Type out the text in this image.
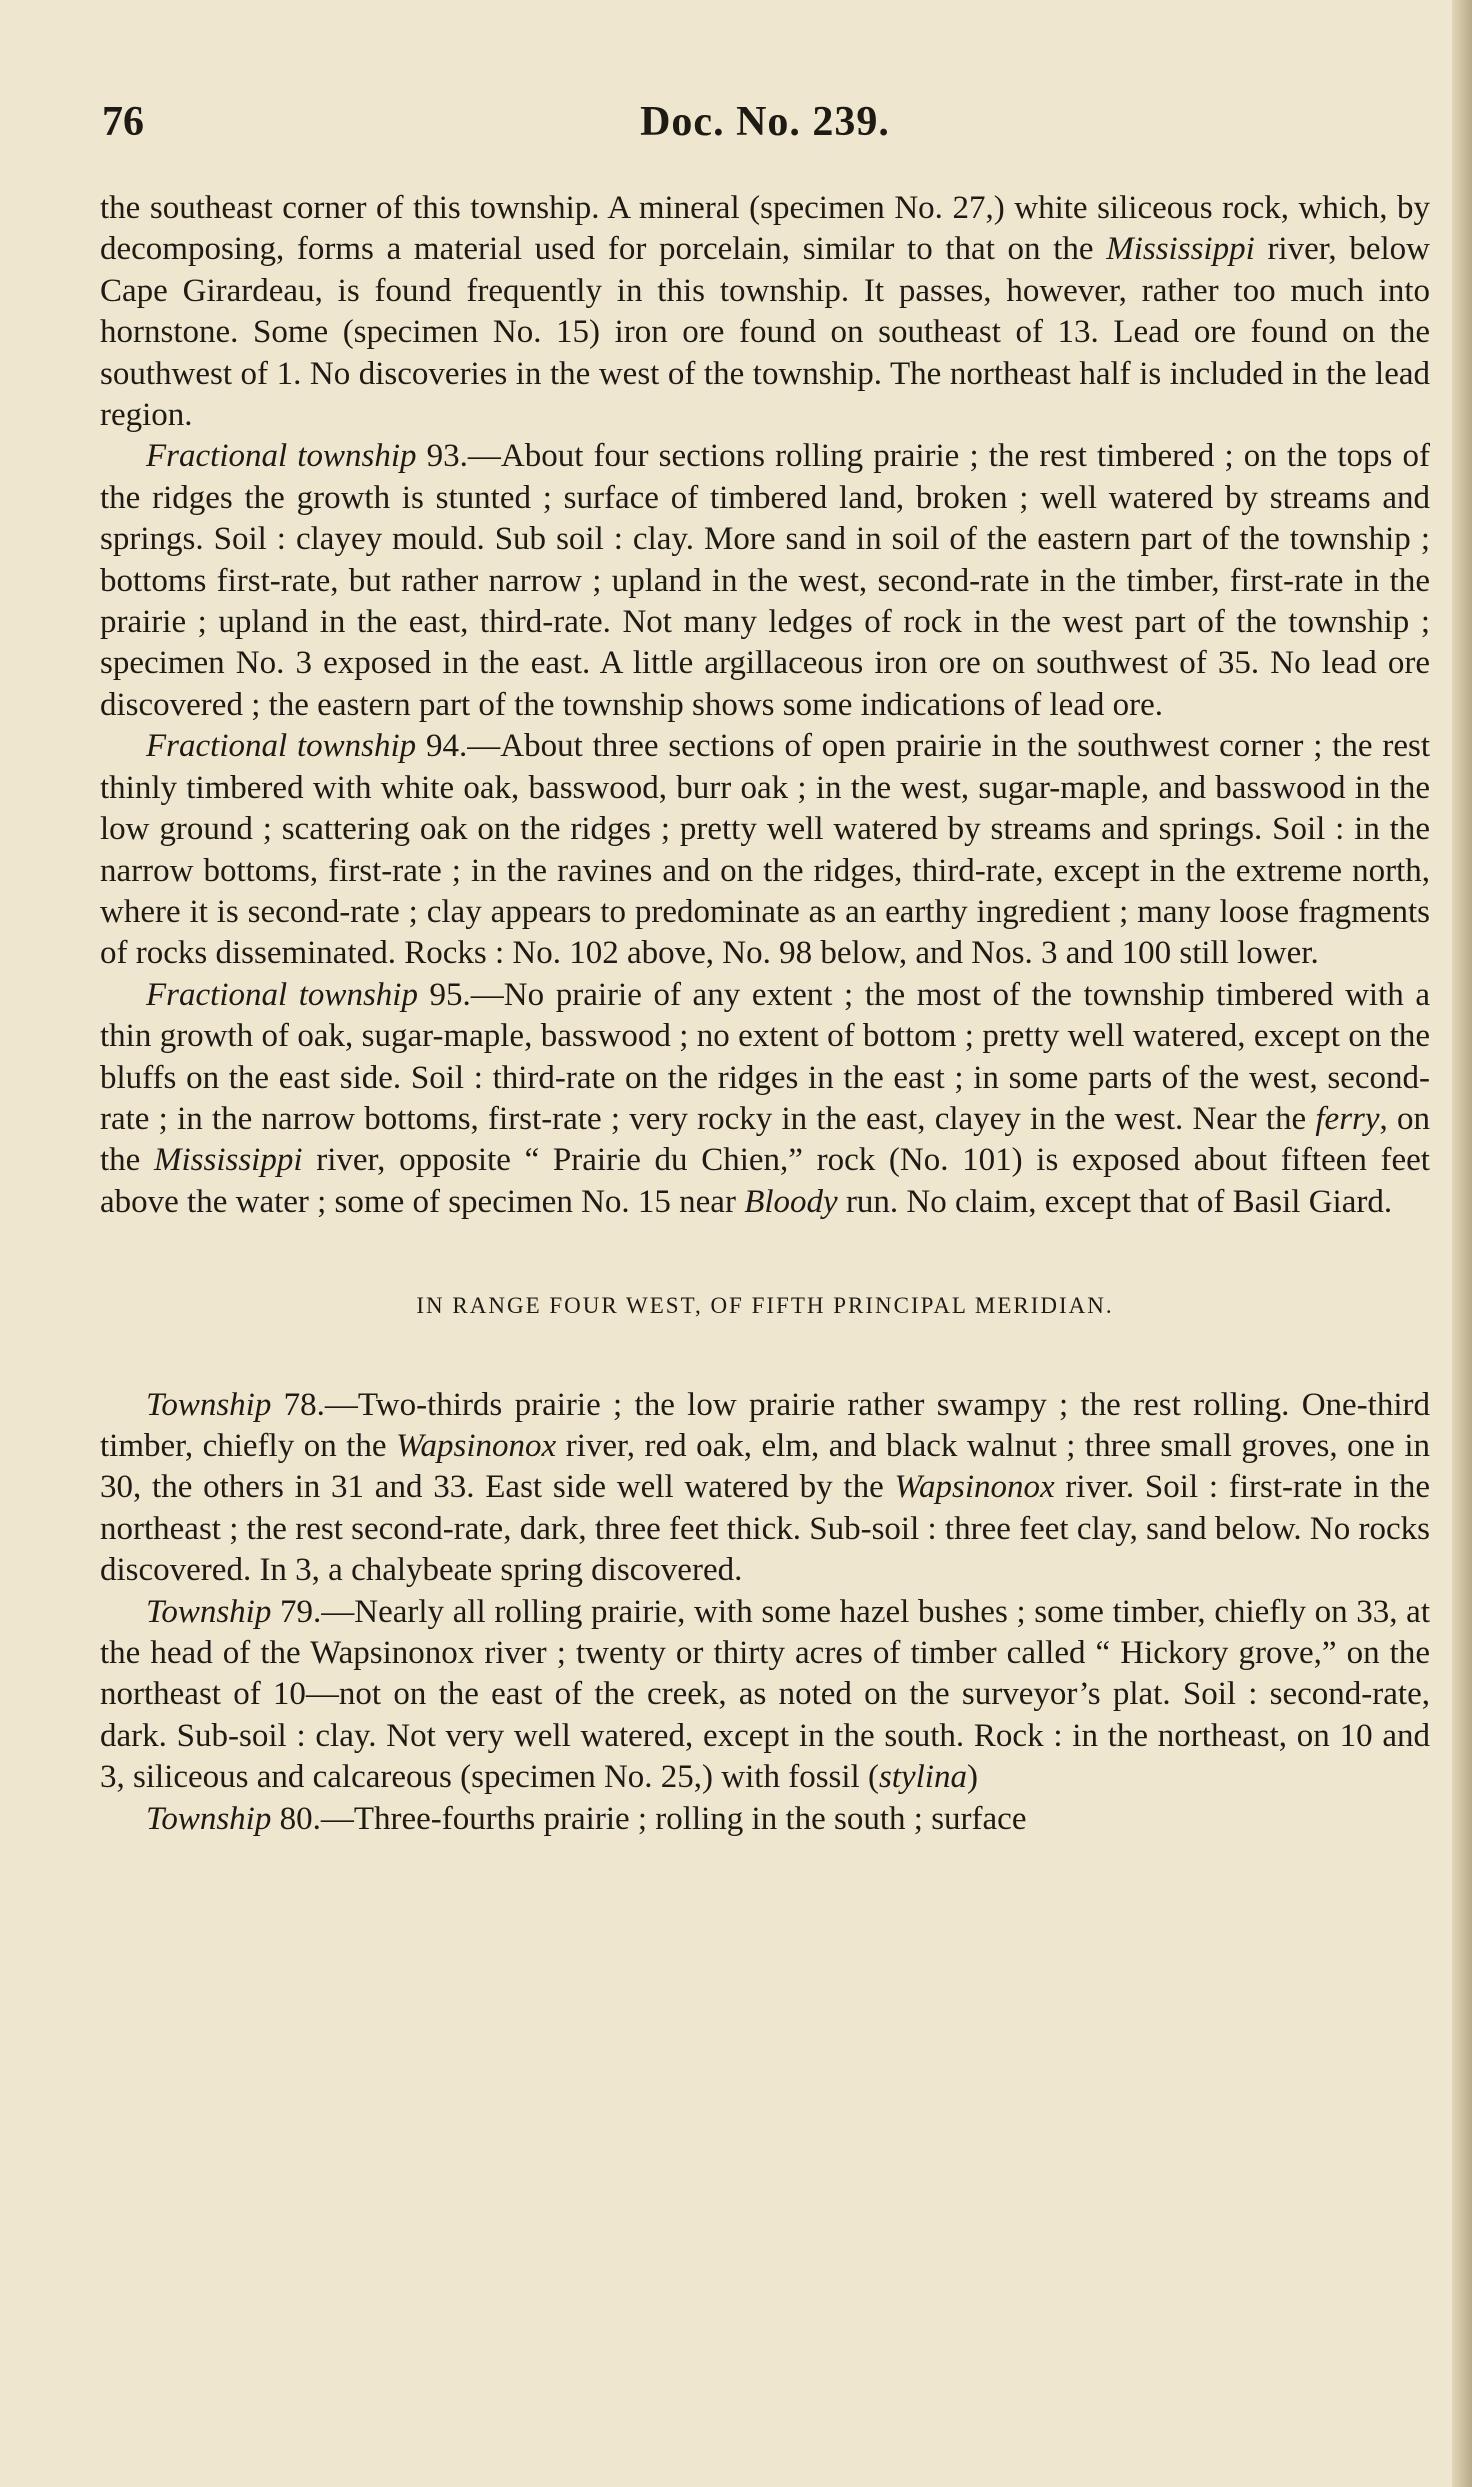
76	Doc. No. 239.

the southeast corner of this township. A mineral (specimen No. 27,) white siliceous rock, which, by decomposing, forms a material used for porcelain, similar to that on the Mississippi river, below Cape Girardeau, is found frequently in this township. It passes, however, rather too much into hornstone. Some (specimen No. 15) iron ore found on southeast of 13. Lead ore found on the southwest of 1. No discoveries in the west of the township. The northeast half is included in the lead region.

Fractional township 93.—About four sections rolling prairie ; the rest timbered ; on the tops of the ridges the growth is stunted ; surface of timbered land, broken ; well watered by streams and springs. Soil : clayey mould. Sub soil : clay. More sand in soil of the eastern part of the township ; bottoms first-rate, but rather narrow ; upland in the west, second-rate in the timber, first-rate in the prairie ; upland in the east, third-rate. Not many ledges of rock in the west part of the township ; specimen No. 3 exposed in the east. A little argillaceous iron ore on southwest of 35. No lead ore discovered ; the eastern part of the township shows some indications of lead ore.

Fractional township 94.—About three sections of open prairie in the southwest corner ; the rest thinly timbered with white oak, basswood, burr oak ; in the west, sugar-maple, and basswood in the low ground ; scattering oak on the ridges ; pretty well watered by streams and springs. Soil : in the narrow bottoms, first-rate ; in the ravines and on the ridges, third-rate, except in the extreme north, where it is second-rate ; clay appears to predominate as an earthy ingredient ; many loose fragments of rocks disseminated. Rocks : No. 102 above, No. 98 below, and Nos. 3 and 100 still lower.

Fractional township 95.—No prairie of any extent ; the most of the township timbered with a thin growth of oak, sugar-maple, basswood ; no extent of bottom ; pretty well watered, except on the bluffs on the east side. Soil : third-rate on the ridges in the east ; in some parts of the west, second-rate ; in the narrow bottoms, first-rate ; very rocky in the east, clayey in the west. Near the ferry, on the Mississippi river, opposite “ Prairie du Chien,” rock (No. 101) is exposed about fifteen feet above the water ; some of specimen No. 15 near Bloody run. No claim, except that of Basil Giard.

IN RANGE FOUR WEST, OF FIFTH PRINCIPAL MERIDIAN.

Township 78.—Two-thirds prairie ; the low prairie rather swampy ; the rest rolling. One-third timber, chiefly on the Wapsinonox river, red oak, elm, and black walnut ; three small groves, one in 30, the others in 31 and 33. East side well watered by the Wapsinonox river. Soil : first-rate in the northeast ; the rest second-rate, dark, three feet thick. Sub-soil : three feet clay, sand below. No rocks discovered. In 3, a chalybeate spring discovered.

Township 79.—Nearly all rolling prairie, with some hazel bushes ; some timber, chiefly on 33, at the head of the Wapsinonox river ; twenty or thirty acres of timber called “ Hickory grove,” on the northeast of 10—not on the east of the creek, as noted on the surveyor’s plat. Soil : second-rate, dark. Sub-soil : clay. Not very well watered, except in the south. Rock : in the northeast, on 10 and 3, siliceous and calcareous (specimen No. 25,) with fossil (stylina)

Township 80.—Three-fourths prairie ; rolling in the south ; surface
